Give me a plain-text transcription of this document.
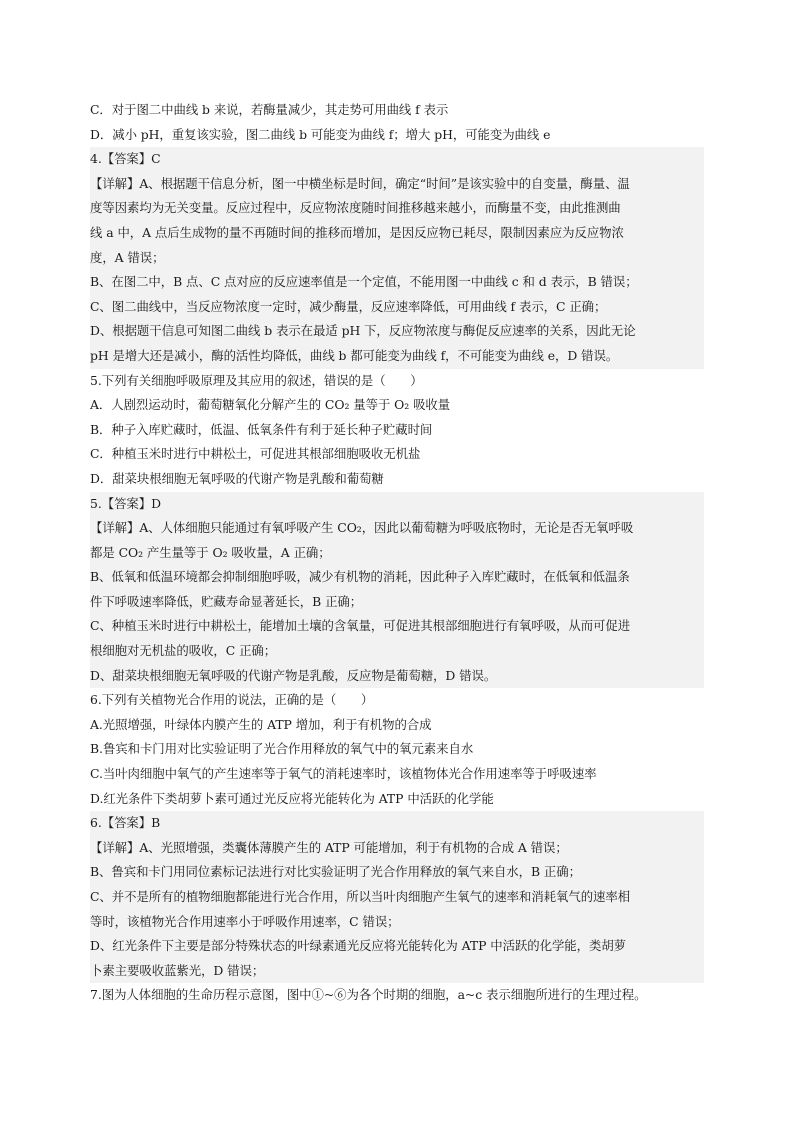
C．对于图二中曲线 b 来说，若酶量减少，其走势可用曲线 f 表示
D．减小 pH，重复该实验，图二曲线 b 可能变为曲线 f；增大 pH，可能变为曲线 e
4.【答案】C
【详解】A、根据题干信息分析，图一中横坐标是时间，确定“时间”是该实验中的自变量，酶量、温
度等因素均为无关变量。反应过程中，反应物浓度随时间推移越来越小，而酶量不变，由此推测曲
线 a 中，A 点后生成物的量不再随时间的推移而增加，是因反应物已耗尽，限制因素应为反应物浓
度，A 错误；
B、在图二中，B 点、C 点对应的反应速率值是一个定值，不能用图一中曲线 c 和 d 表示，B 错误；
C、图二曲线中，当反应物浓度一定时，减少酶量，反应速率降低，可用曲线 f 表示，C 正确；
D、根据题干信息可知图二曲线 b 表示在最适 pH 下，反应物浓度与酶促反应速率的关系，因此无论
pH 是增大还是减小，酶的活性均降低，曲线 b 都可能变为曲线 f，不可能变为曲线 e，D 错误。
5.下列有关细胞呼吸原理及其应用的叙述，错误的是（　　）
A．人剧烈运动时，葡萄糖氧化分解产生的 CO₂ 量等于 O₂ 吸收量
B．种子入库贮藏时，低温、低氧条件有利于延长种子贮藏时间
C．种植玉米时进行中耕松土，可促进其根部细胞吸收无机盐
D．甜菜块根细胞无氧呼吸的代谢产物是乳酸和葡萄糖
5.【答案】D
【详解】A、人体细胞只能通过有氧呼吸产生 CO₂，因此以葡萄糖为呼吸底物时，无论是否无氧呼吸
都是 CO₂ 产生量等于 O₂ 吸收量，A 正确；
B、低氧和低温环境都会抑制细胞呼吸，减少有机物的消耗，因此种子入库贮藏时，在低氧和低温条
件下呼吸速率降低，贮藏寿命显著延长，B 正确；
C、种植玉米时进行中耕松土，能增加土壤的含氧量，可促进其根部细胞进行有氧呼吸，从而可促进
根细胞对无机盐的吸收，C 正确；
D、甜菜块根细胞无氧呼吸的代谢产物是乳酸，反应物是葡萄糖，D 错误。
6.下列有关植物光合作用的说法，正确的是（　　）
A.光照增强，叶绿体内膜产生的 ATP 增加，利于有机物的合成
B.鲁宾和卡门用对比实验证明了光合作用释放的氧气中的氧元素来自水
C.当叶肉细胞中氧气的产生速率等于氧气的消耗速率时，该植物体光合作用速率等于呼吸速率
D.红光条件下类胡萝卜素可通过光反应将光能转化为 ATP 中活跃的化学能
6.【答案】B
【详解】A、光照增强，类囊体薄膜产生的 ATP 可能增加，利于有机物的合成 A 错误；
B、鲁宾和卡门用同位素标记法进行对比实验证明了光合作用释放的氧气来自水，B 正确；
C、并不是所有的植物细胞都能进行光合作用，所以当叶肉细胞产生氧气的速率和消耗氧气的速率相
等时，该植物光合作用速率小于呼吸作用速率，C 错误；
D、红光条件下主要是部分特殊状态的叶绿素通光反应将光能转化为 ATP 中活跃的化学能，类胡萝
卜素主要吸收蓝紫光，D 错误；
7.图为人体细胞的生命历程示意图，图中①~⑥为各个时期的细胞，a~c 表示细胞所进行的生理过程。
